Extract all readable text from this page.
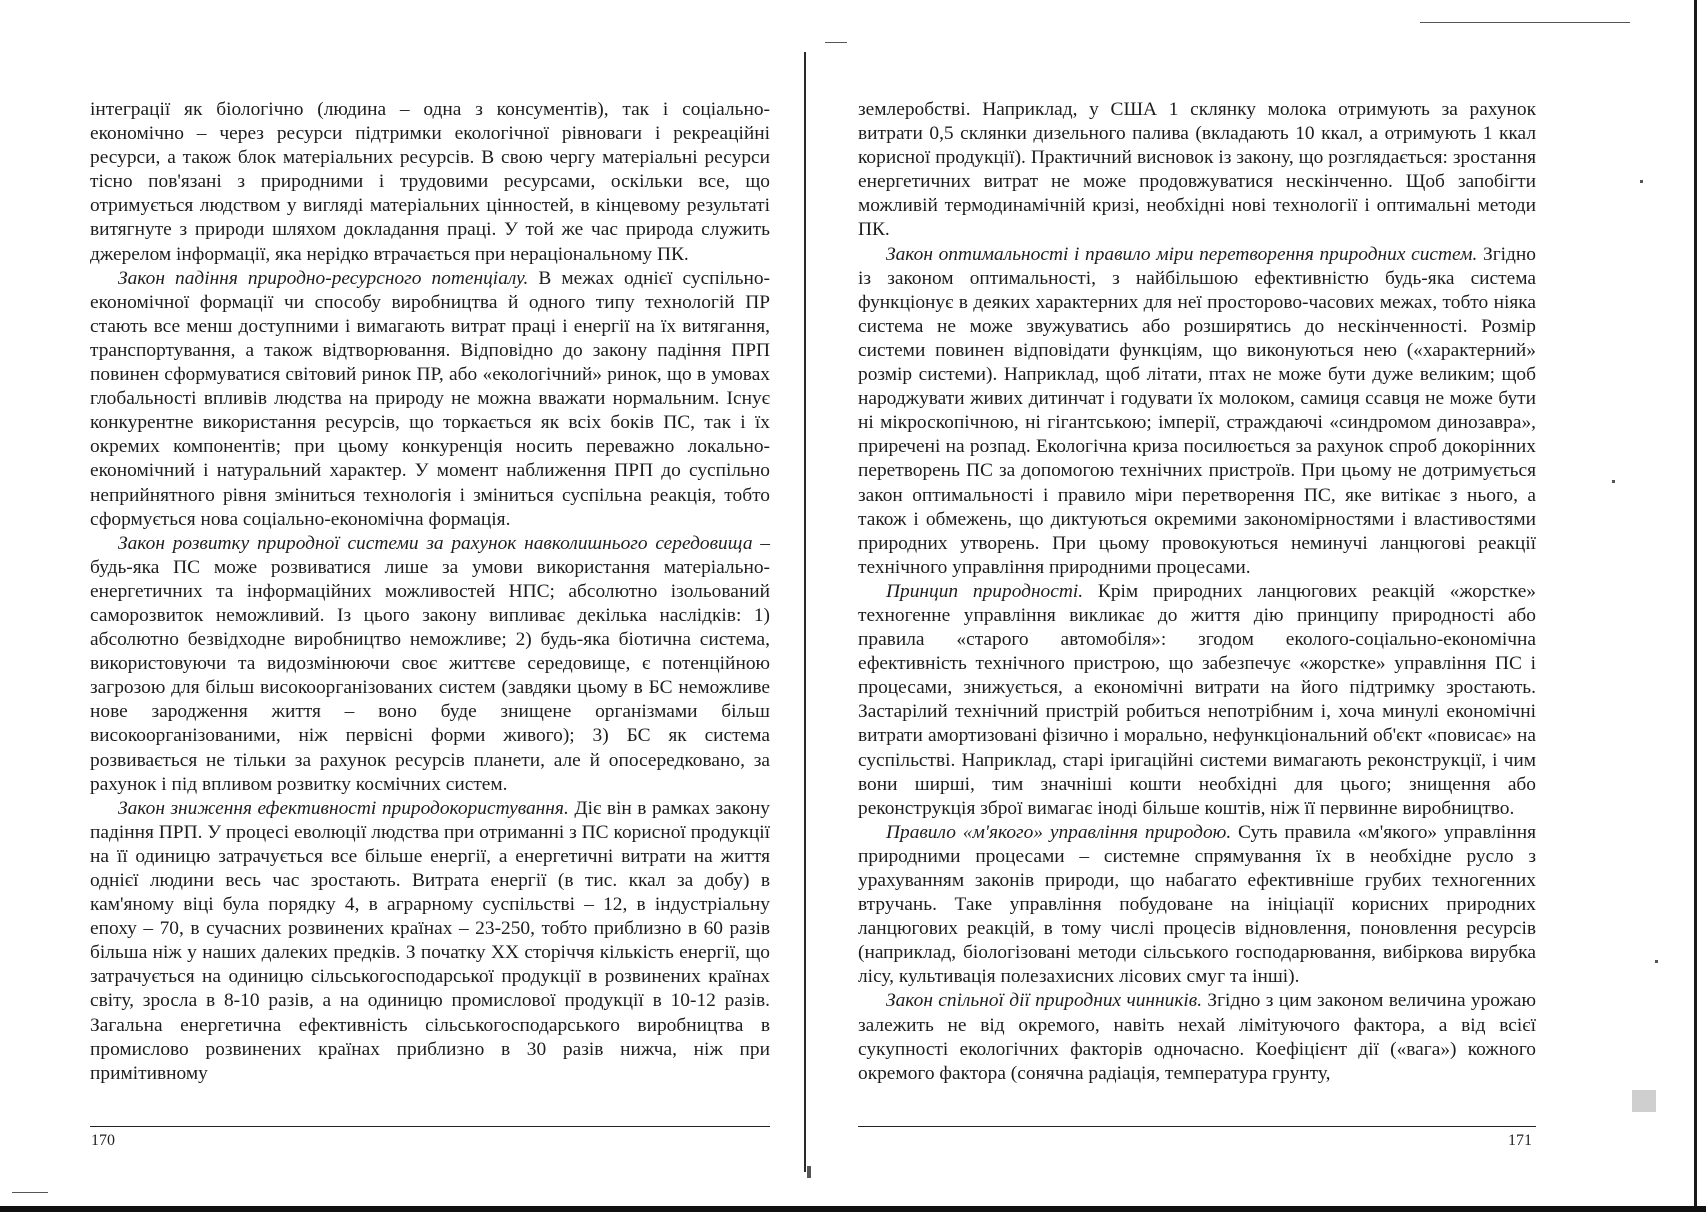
інтеграції як біологічно (людина – одна з консументів), так і соціально-економічно – через ресурси підтримки екологічної рівноваги і рекреаційні ресурси, а також блок матеріальних ресурсів. В свою чергу матеріальні ресурси тісно пов'язані з природними і трудовими ресурсами, оскільки все, що отримується людством у вигляді матеріальних цінностей, в кінцевому результаті витягнуте з природи шляхом докладання праці. У той же час природа служить джерелом інформації, яка нерідко втрачається при нераціональному ПК.

Закон падіння природно-ресурсного потенціалу. В межах однієї суспільно-економічної формації чи способу виробництва й одного типу технологій ПР стають все менш доступними і вимагають витрат праці і енергії на їх витягання, транспортування, а також відтворювання. Відповідно до закону падіння ПРП повинен сформуватися світовий ринок ПР, або «екологічний» ринок, що в умовах глобальності впливів людства на природу не можна вважати нормальним. Існує конкурентне використання ресурсів, що торкається як всіх боків ПС, так і їх окремих компонентів; при цьому конкуренція носить переважно локально-економічний і натуральний характер. У момент наближення ПРП до суспільно неприйнятного рівня зміниться технологія і зміниться суспільна реакція, тобто сформується нова соціально-економічна формація.

Закон розвитку природної системи за рахунок навколишнього середовища – будь-яка ПС може розвиватися лише за умови використання матеріально-енергетичних та інформаційних можливостей НПС; абсолютно ізольований саморозвиток неможливий. Із цього закону випливає декілька наслідків: 1) абсолютно безвідходне виробництво неможливе; 2) будь-яка біотична система, використовуючи та видозмінюючи своє життєве середовище, є потенційною загрозою для більш високоорганізованих систем (завдяки цьому в БС неможливе нове зародження життя – воно буде знищене організмами більш високоорганізованими, ніж первісні форми живого); 3) БС як система розвивається не тільки за рахунок ресурсів планети, але й опосередковано, за рахунок і під впливом розвитку космічних систем.

Закон зниження ефективності природокористування. Діє він в рамках закону падіння ПРП. У процесі еволюції людства при отриманні з ПС корисної продукції на її одиницю затрачується все більше енергії, а енергетичні витрати на життя однієї людини весь час зростають. Витрата енергії (в тис. ккал за добу) в кам'яному віці була порядку 4, в аграрному суспільстві – 12, в індустріальну епоху – 70, в сучасних розвинених країнах – 23-250, тобто приблизно в 60 разів більша ніж у наших далеких предків. З початку XX сторіччя кількість енергії, що затрачується на одиницю сільськогосподарської продукції в розвинених країнах світу, зросла в 8-10 разів, а на одиницю промислової продукції в 10-12 разів. Загальна енергетична ефективність сільськогосподарського виробництва в промислово розвинених країнах приблизно в 30 разів нижча, ніж при примітивному

землеробстві. Наприклад, у США 1 склянку молока отримують за рахунок витрати 0,5 склянки дизельного палива (вкладають 10 ккал, а отримують 1 ккал корисної продукції). Практичний висновок із закону, що розглядається: зростання енергетичних витрат не може продовжуватися нескінченно. Щоб запобігти можливій термодинамічній кризі, необхідні нові технології і оптимальні методи ПК.

Закон оптимальності і правило міри перетворення природних систем. Згідно із законом оптимальності, з найбільшою ефективністю будь-яка система функціонує в деяких характерних для неї просторово-часових межах, тобто ніяка система не може звужуватись або розширятись до нескінченності. Розмір системи повинен відповідати функціям, що виконуються нею («характерний» розмір системи). Наприклад, щоб літати, птах не може бути дуже великим; щоб народжувати живих дитинчат і годувати їх молоком, самиця ссавця не може бути ні мікроскопічною, ні гігантською; імперії, страждаючі «синдромом динозавра», приречені на розпад. Екологічна криза посилюється за рахунок спроб докорінних перетворень ПС за допомогою технічних пристроїв. При цьому не дотримується закон оптимальності і правило міри перетворення ПС, яке витікає з нього, а також і обмежень, що диктуються окремими закономірностями і властивостями природних утворень. При цьому провокуються неминучі ланцюгові реакції технічного управління природними процесами.

Принцип природності. Крім природних ланцюгових реакцій «жорстке» техногенне управління викликає до життя дію принципу природності або правила «старого автомобіля»: згодом еколого-соціально-економічна ефективність технічного пристрою, що забезпечує «жорстке» управління ПС і процесами, знижується, а економічні витрати на його підтримку зростають. Застарілий технічний пристрій робиться непотрібним і, хоча минулі економічні витрати амортизовані фізично і морально, нефункціональний об'єкт «повисає» на суспільстві. Наприклад, старі іригаційні системи вимагають реконструкції, і чим вони ширші, тим значніші кошти необхідні для цього; знищення або реконструкція зброї вимагає іноді більше коштів, ніж її первинне виробництво.

Правило «м'якого» управління природою. Суть правила «м'якого» управління природними процесами – системне спрямування їх в необхідне русло з урахуванням законів природи, що набагато ефективніше грубих техногенних втручань. Таке управління побудоване на ініціації корисних природних ланцюгових реакцій, в тому числі процесів відновлення, поновлення ресурсів (наприклад, біологізовані методи сільського господарювання, вибіркова вирубка лісу, культивація полезахисних лісових смуг та інші).

Закон спільної дії природних чинників. Згідно з цим законом величина урожаю залежить не від окремого, навіть нехай лімітуючого фактора, а від всієї сукупності екологічних факторів одночасно. Коефіцієнт дії («вага») кожного окремого фактора (сонячна радіація, температура грунту,

170	171
